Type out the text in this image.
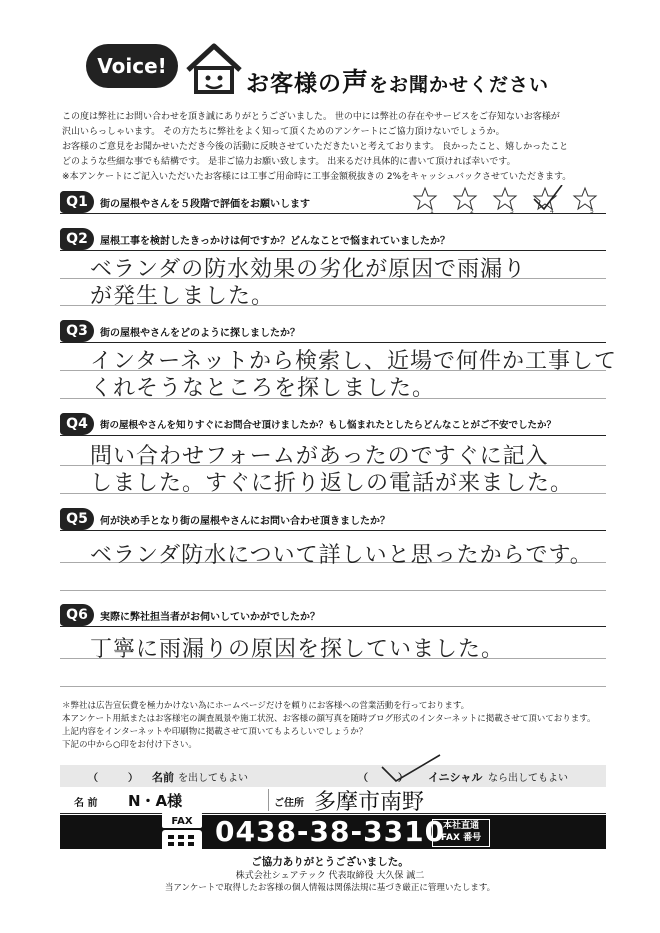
Voice!
お客様の声をお聞かせください
この度は弊社にお問い合わせを頂き誠にありがとうございました。 世の中には弊社の存在やサービスをご存知ないお客様が
沢山いらっしゃいます。 その方たちに弊社をよく知って頂くためのアンケートにご協力頂けないでしょうか。
お客様のご意見をお聞かせいただき今後の活動に反映させていただきたいと考えております。 良かったこと、嬉しかったこと
どのような些細な事でも結構です。 是非ご協力お願い致します。 出来るだけ具体的に書いて頂ければ幸いです。
※本アンケートにご記入いただいたお客様には工事ご用命時に工事金額税抜きの 2%をキャッシュバックさせていただきます。
Q1	街の屋根やさんを５段階で評価をお願いします
1	2	3	4	5
Q2	屋根工事を検討したきっかけは何ですか？どんなことで悩まれていましたか？
ベランダの防水効果の劣化が原因で雨漏り
が発生しました。
Q3	街の屋根やさんをどのように探しましたか？
インターネットから検索し、近場で何件か工事して
くれそうなところを探しました。
Q4	街の屋根やさんを知りすぐにお問合せ頂けましたか？もし悩まれたとしたらどんなことがご不安でしたか？
問い合わせフォームがあったのですぐに記入
しました。すぐに折り返しの電話が来ました。
Q5	何が決め手となり街の屋根やさんにお問い合わせ頂きましたか？
ベランダ防水について詳しいと思ったからです。
Q6	実際に弊社担当者がお伺いしていかがでしたか？
丁寧に雨漏りの原因を探していました。
＊弊社は広告宣伝費を極力かけない為にホームページだけを頼りにお客様への営業活動を行っております。
本アンケート用紙またはお客様宅の調査風景や施工状況、お客様の顔写真を随時ブログ形式のインターネットに掲載させて頂いております。
上記内容をインターネットや印刷物に掲載させて頂いてもよろしいでしょうか？
下記の中から○印をお付け下さい。
（　　　） 名前 を出してもよい	（　　　） イニシャル なら出してもよい
名 前 N・A様	ご住所 多摩市南野
FAX 0438-38-3310
本社直通
FAX 番号
ご協力ありがとうございました。
株式会社シェアテック 代表取締役 大久保 誠二
当アンケートで取得したお客様の個人情報は関係法規に基づき厳正に管理いたします。
